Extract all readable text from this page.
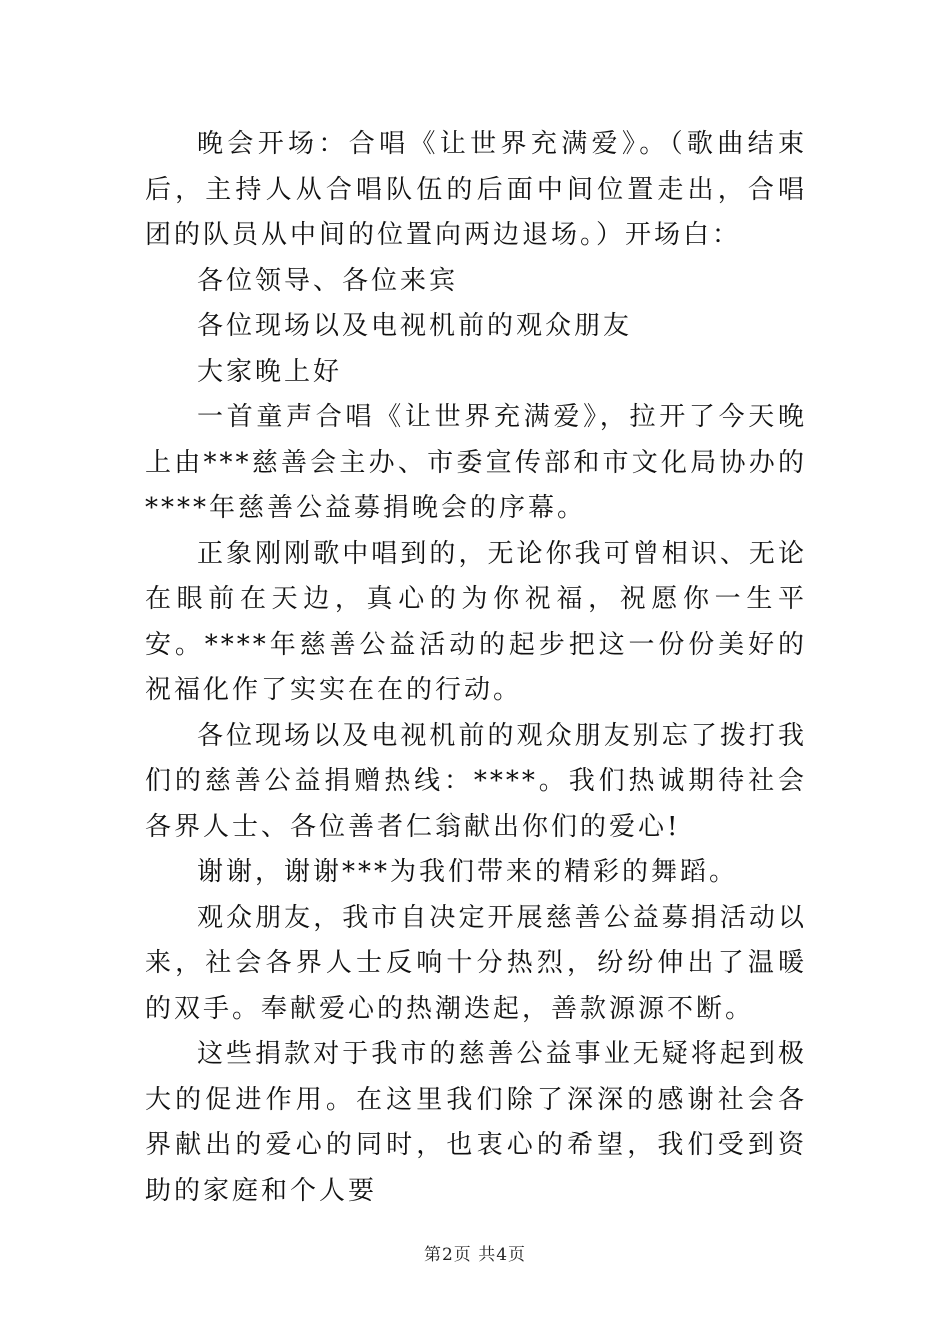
晚会开场：合唱《让世界充满爱》。（歌曲结束后，主持人从合唱队伍的后面中间位置走出，合唱团的队员从中间的位置向两边退场。）开场白：

各位领导、各位来宾

各位现场以及电视机前的观众朋友

大家晚上好

一首童声合唱《让世界充满爱》，拉开了今天晚上由***慈善会主办、市委宣传部和市文化局协办的****年慈善公益募捐晚会的序幕。

正象刚刚歌中唱到的，无论你我可曾相识、无论在眼前在天边，真心的为你祝福，祝愿你一生平安。****年慈善公益活动的起步把这一份份美好的祝福化作了实实在在的行动。

各位现场以及电视机前的观众朋友别忘了拨打我们的慈善公益捐赠热线：****。我们热诚期待社会各界人士、各位善者仁翁献出你们的爱心!

谢谢，谢谢***为我们带来的精彩的舞蹈。

观众朋友，我市自决定开展慈善公益募捐活动以来，社会各界人士反响十分热烈，纷纷伸出了温暖的双手。奉献爱心的热潮迭起，善款源源不断。

这些捐款对于我市的慈善公益事业无疑将起到极大的促进作用。在这里我们除了深深的感谢社会各界献出的爱心的同时，也衷心的希望，我们受到资助的家庭和个人要

第2页 共4页
